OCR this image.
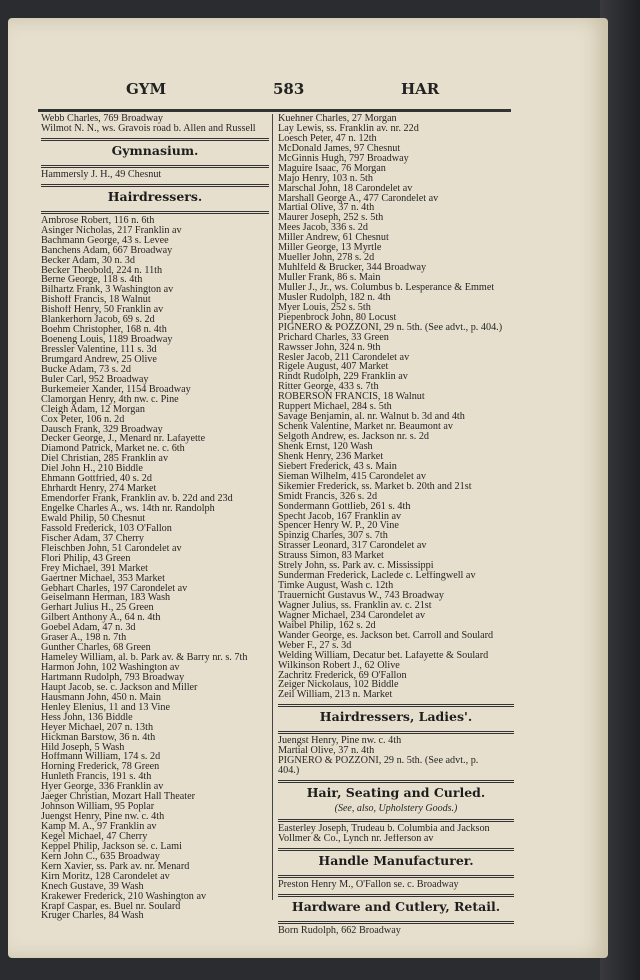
GYM	583	HAR
Webb Charles, 769 Broadway
Wilmot N. N., ws. Gravois road b. Allen and Russell
Gymnasium.
Hammersly J. H., 49 Chesnut
Hairdressers.
Ambrose Robert, 116 n. 6th
Asinger Nicholas, 217 Franklin av
Bachmann George, 43 s. Levee
Banchens Adam, 667 Broadway
Becker Adam, 30 n. 3d
Becker Theobold, 224 n. 11th
Berne George, 118 s. 4th
Bilhartz Frank, 3 Washington av
Bishoff Francis, 18 Walnut
Bishoff Henry, 50 Franklin av
Blankerhorn Jacob, 69 s. 2d
Boehm Christopher, 168 n. 4th
Boeneng Louis, 1189 Broadway
Bressler Valentine, 111 s. 3d
Brumgard Andrew, 25 Olive
Bucke Adam, 73 s. 2d
Buler Carl, 952 Broadway
Burkemeier Xander, 1154 Broadway
Clamorgan Henry, 4th nw. c. Pine
Cleigh Adam, 12 Morgan
Cox Peter, 106 n. 2d
Dausch Frank, 329 Broadway
Decker George, J., Menard nr. Lafayette
Diamond Patrick, Market ne. c. 6th
Diel Christian, 285 Franklin av
Diel John H., 210 Biddle
Ehmann Gottfried, 40 s. 2d
Ehrhardt Henry, 274 Market
Emendorfer Frank, Franklin av. b. 22d and 23d
Engelke Charles A., ws. 14th nr. Randolph
Ewald Philip, 50 Chesnut
Fassold Frederick, 103 O'Fallon
Fischer Adam, 37 Cherry
Fleischben John, 51 Carondelet av
Flori Philip, 43 Green
Frey Michael, 391 Market
Gaertner Michael, 353 Market
Gebhart Charles, 197 Carondelet av
Geiselmann Herman, 183 Wash
Gerhart Julius H., 25 Green
Gilbert Anthony A., 64 n. 4th
Goebel Adam, 47 n. 3d
Graser A., 198 n. 7th
Gunther Charles, 68 Green
Hameley William, al. b. Park av. & Barry nr. s. 7th
Harmon John, 102 Washington av
Hartmann Rudolph, 793 Broadway
Haupt Jacob, se. c. Jackson and Miller
Hausmann John, 450 n. Main
Henley Elenius, 11 and 13 Vine
Hess John, 136 Biddle
Heyer Michael, 207 n. 13th
Hickman Barstow, 36 n. 4th
Hild Joseph, 5 Wash
Hoffmann William, 174 s. 2d
Horning Frederick, 78 Green
Hunleth Francis, 191 s. 4th
Hyer George, 336 Franklin av
Jaeger Christian, Mozart Hall Theater
Johnson William, 95 Poplar
Juengst Henry, Pine nw. c. 4th
Kamp M. A., 97 Franklin av
Kegel Michael, 47 Cherry
Keppel Philip, Jackson se. c. Lami
Kern John C., 635 Broadway
Kern Xavier, ss. Park av. nr. Menard
Kirn Moritz, 128 Carondelet av
Knech Gustave, 39 Wash
Krakewer Frederick, 210 Washington av
Krapf Caspar, es. Buel nr. Soulard
Kruger Charles, 84 Wash
Kuehner Charles, 27 Morgan
Lay Lewis, ss. Franklin av. nr. 22d
Loesch Peter, 47 n. 12th
McDonald James, 97 Chesnut
McGinnis Hugh, 797 Broadway
Maguire Isaac, 76 Morgan
Majo Henry, 103 n. 5th
Marschal John, 18 Carondelet av
Marshall George A., 477 Carondelet av
Martial Olive, 37 n. 4th
Maurer Joseph, 252 s. 5th
Mees Jacob, 336 s. 2d
Miller Andrew, 61 Chesnut
Miller George, 13 Myrtle
Mueller John, 278 s. 2d
Muhlfeld & Brucker, 344 Broadway
Muller Frank, 86 s. Main
Muller J., Jr., ws. Columbus b. Lesperance & Emmet
Musler Rudolph, 182 n. 4th
Myer Louis, 252 s. 5th
Piepenbrock John, 80 Locust
PIGNERO & POZZONI, 29 n. 5th. (See advt., p. 404.)
Prichard Charles, 33 Green
Rawsser John, 324 n. 9th
Resler Jacob, 211 Carondelet av
Rigele August, 407 Market
Rindt Rudolph, 229 Franklin av
Ritter George, 433 s. 7th
ROBERSON FRANCIS, 18 Walnut
Ruppert Michael, 284 s. 5th
Savage Benjamin, al. nr. Walnut b. 3d and 4th
Schenk Valentine, Market nr. Beaumont av
Selgoth Andrew, es. Jackson nr. s. 2d
Shenk Ernst, 120 Wash
Shenk Henry, 236 Market
Siebert Frederick, 43 s. Main
Sieman Wilhelm, 415 Carondelet av
Sikemier Frederick, ss. Market b. 20th and 21st
Smidt Francis, 326 s. 2d
Sondermann Gottlieb, 261 s. 4th
Specht Jacob, 167 Franklin av
Spencer Henry W. P., 20 Vine
Spinzig Charles, 307 s. 7th
Strasser Leonard, 317 Carondelet av
Strauss Simon, 83 Market
Strely John, ss. Park av. c. Mississippi
Sunderman Frederick, Laclede c. Leffingwell av
Timke August, Wash c. 12th
Trauernicht Gustavus W., 743 Broadway
Wagner Julius, ss. Franklin av. c. 21st
Wagner Michael, 234 Carondelet av
Waibel Philip, 162 s. 2d
Wander George, es. Jackson bet. Carroll and Soulard
Weber F., 27 s. 3d
Welding William, Decatur bet. Lafayette & Soulard
Wilkinson Robert J., 62 Olive
Zachritz Frederick, 69 O'Fallon
Zeiger Nickolaus, 102 Biddle
Zeil William, 213 n. Market
Hairdressers, Ladies'.
Juengst Henry, Pine nw. c. 4th
Martial Olive, 37 n. 4th
PIGNERO & POZZONI, 29 n. 5th. (See advt., p.
404.)
Hair, Seating and Curled.
(See, also, Upholstery Goods.)
Easterley Joseph, Trudeau b. Columbia and Jackson
Vollmer & Co., Lynch nr. Jefferson av
Handle Manufacturer.
Preston Henry M., O'Fallon se. c. Broadway
Hardware and Cutlery, Retail.
Born Rudolph, 662 Broadway
